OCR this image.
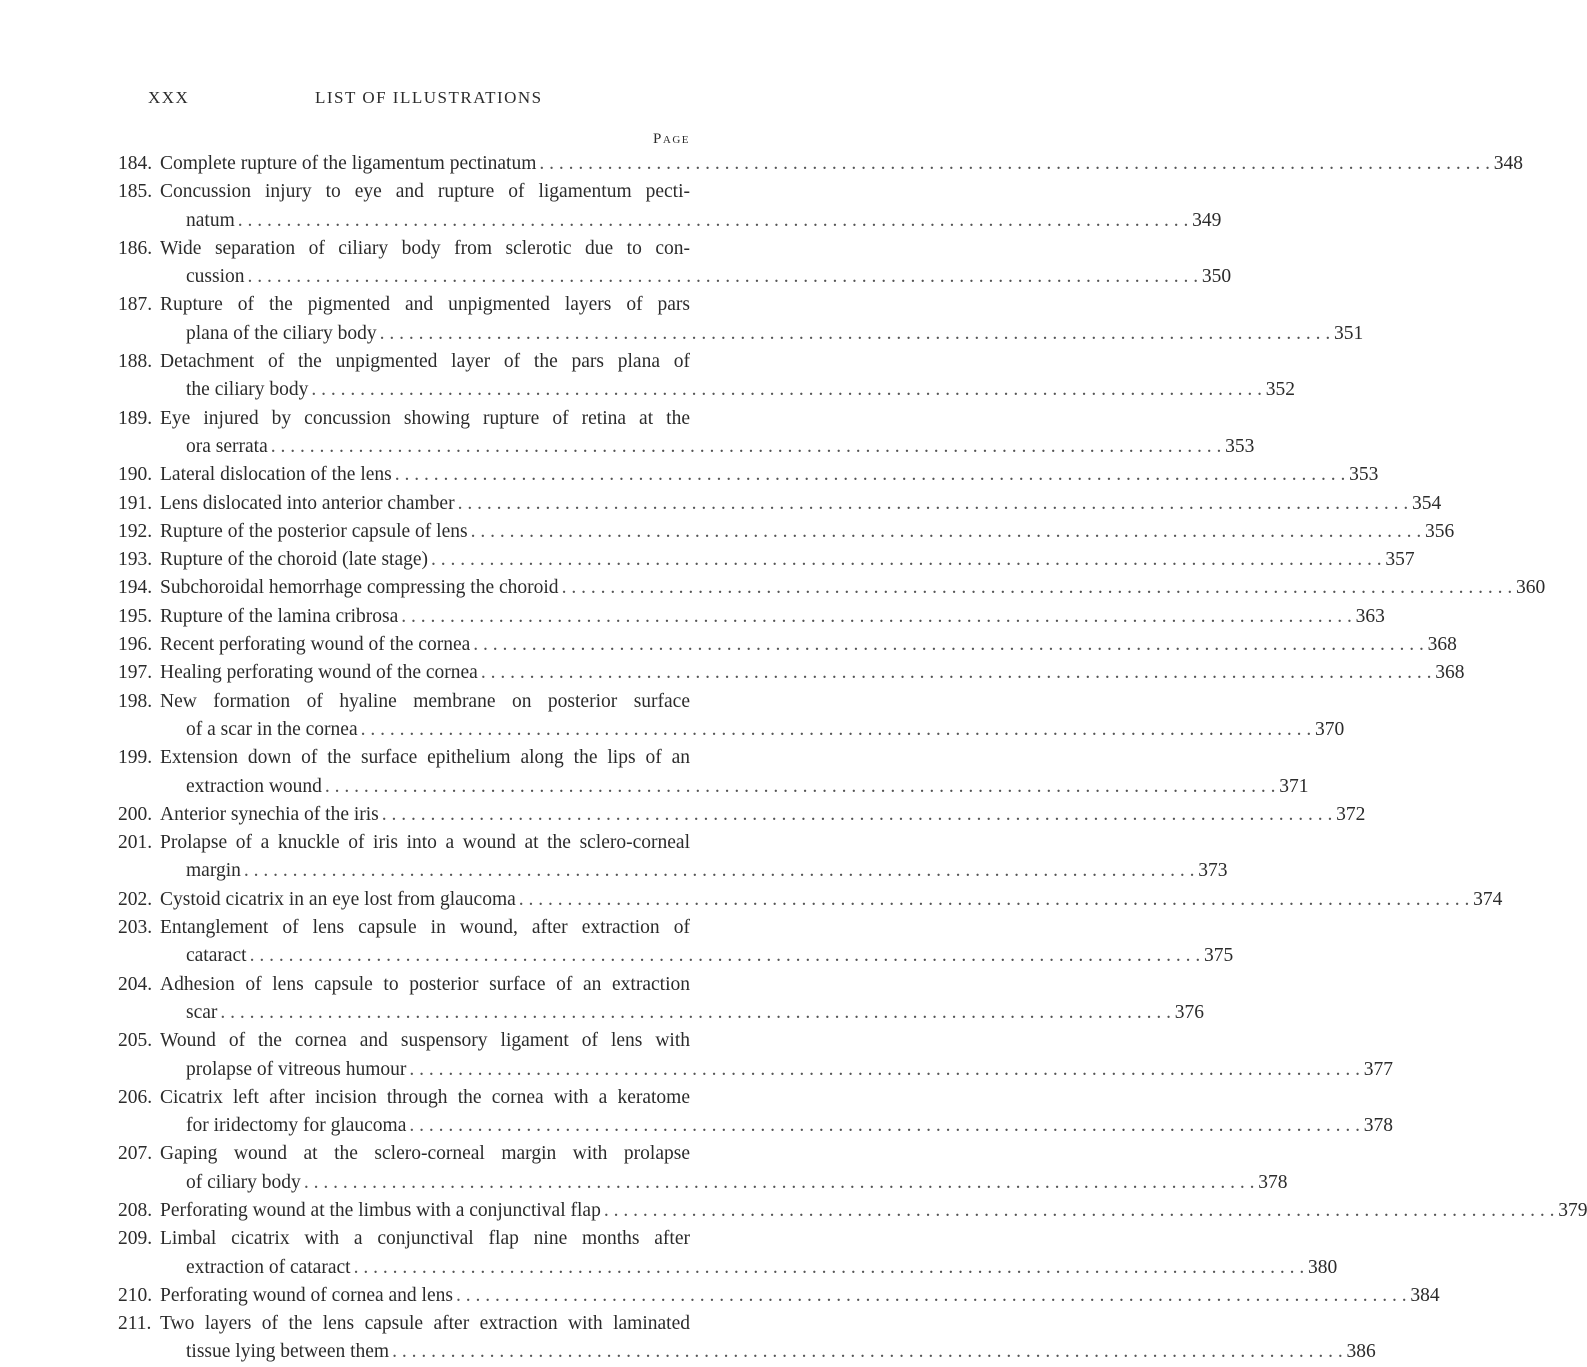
XXX	LIST OF ILLUSTRATIONS
Page
184. Complete rupture of the ligamentum pectinatum . . .	348
185. Concussion injury to eye and rupture of ligamentum pecti-
natum . . .	349
186. Wide separation of ciliary body from sclerotic due to con-
cussion . . .	350
187. Rupture of the pigmented and unpigmented layers of pars
plana of the ciliary body . . .	351
188. Detachment of the unpigmented layer of the pars plana of
the ciliary body . . .	352
189. Eye injured by concussion showing rupture of retina at the
ora serrata . . .	353
190. Lateral dislocation of the lens . . .	353
191. Lens dislocated into anterior chamber . . .	354
192. Rupture of the posterior capsule of lens . . .	356
193. Rupture of the choroid (late stage) . . .	357
194. Subchoroidal hemorrhage compressing the choroid . . .	360
195. Rupture of the lamina cribrosa . . .	363
196. Recent perforating wound of the cornea . . .	368
197. Healing perforating wound of the cornea . . .	368
198. New formation of hyaline membrane on posterior surface
of a scar in the cornea . . .	370
199. Extension down of the surface epithelium along the lips of an
extraction wound . . .	371
200. Anterior synechia of the iris . . .	372
201. Prolapse of a knuckle of iris into a wound at the sclero-corneal
margin . . .	373
202. Cystoid cicatrix in an eye lost from glaucoma . . .	374
203. Entanglement of lens capsule in wound, after extraction of
cataract . . .	375
204. Adhesion of lens capsule to posterior surface of an extraction
scar . . .	376
205. Wound of the cornea and suspensory ligament of lens with
prolapse of vitreous humour . . .	377
206. Cicatrix left after incision through the cornea with a keratome
for iridectomy for glaucoma . . .	378
207. Gaping wound at the sclero-corneal margin with prolapse
of ciliary body . . .	378
208. Perforating wound at the limbus with a conjunctival flap . . .	379
209. Limbal cicatrix with a conjunctival flap nine months after
extraction of cataract . . .	380
210. Perforating wound of cornea and lens . . .	384
211. Two layers of the lens capsule after extraction with laminated
tissue lying between them . . .	386
